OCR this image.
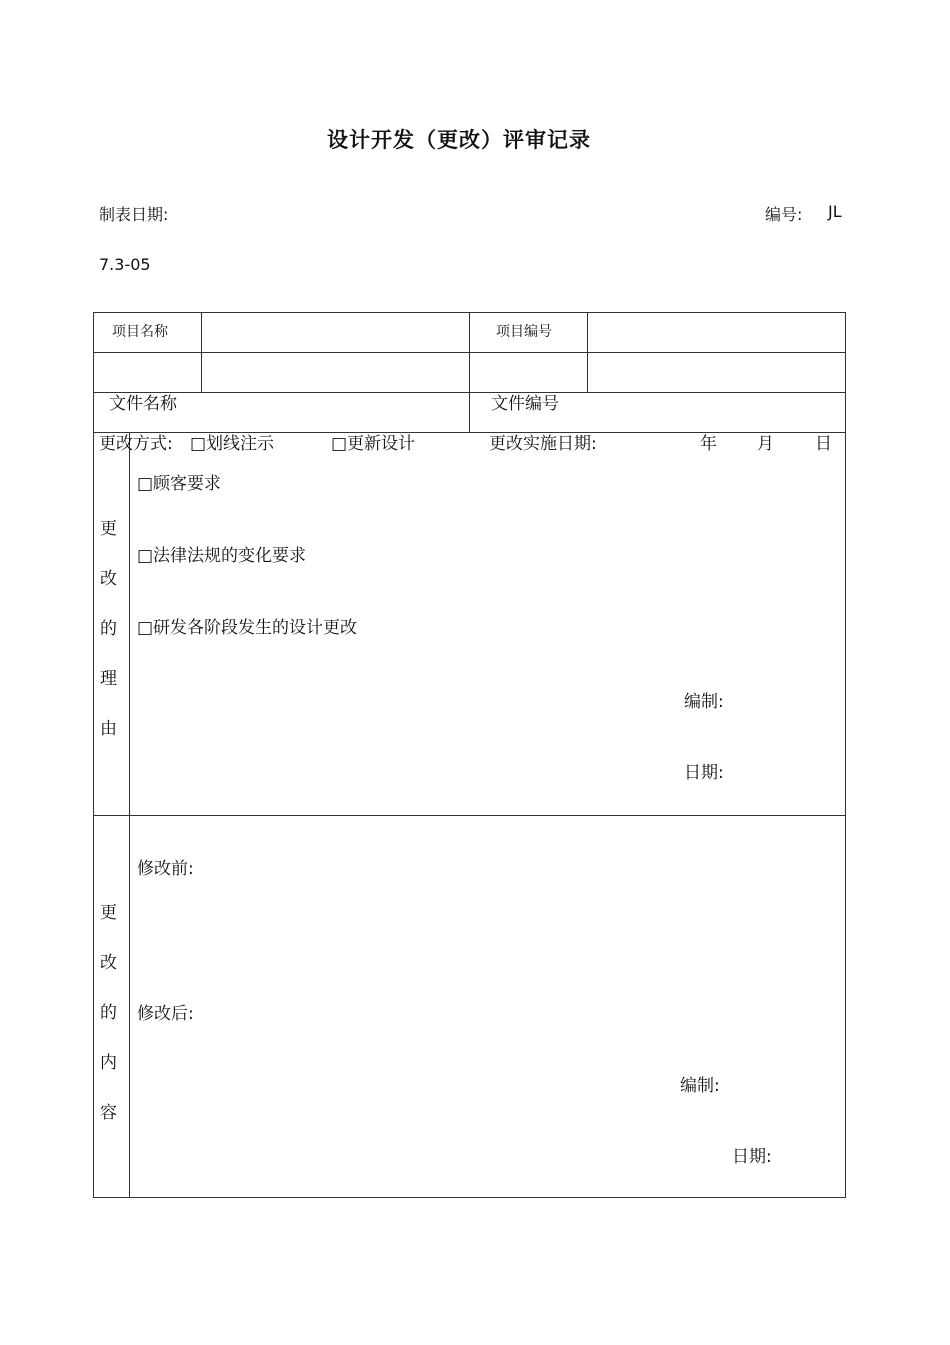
设计开发（更改）评审记录
制表日期:	编号: JL
7.3-05
项目名称	项目编号
文件名称	文件编号
更改方式: □划线注示	□更新设计	更改实施日期:	年 月 日
更
改
的
理
由
□顾客要求
□法律法规的变化要求
□研发各阶段发生的设计更改
编制:
日期:
更
改
的
内
容
修改前:
修改后:
编制:
日期:
